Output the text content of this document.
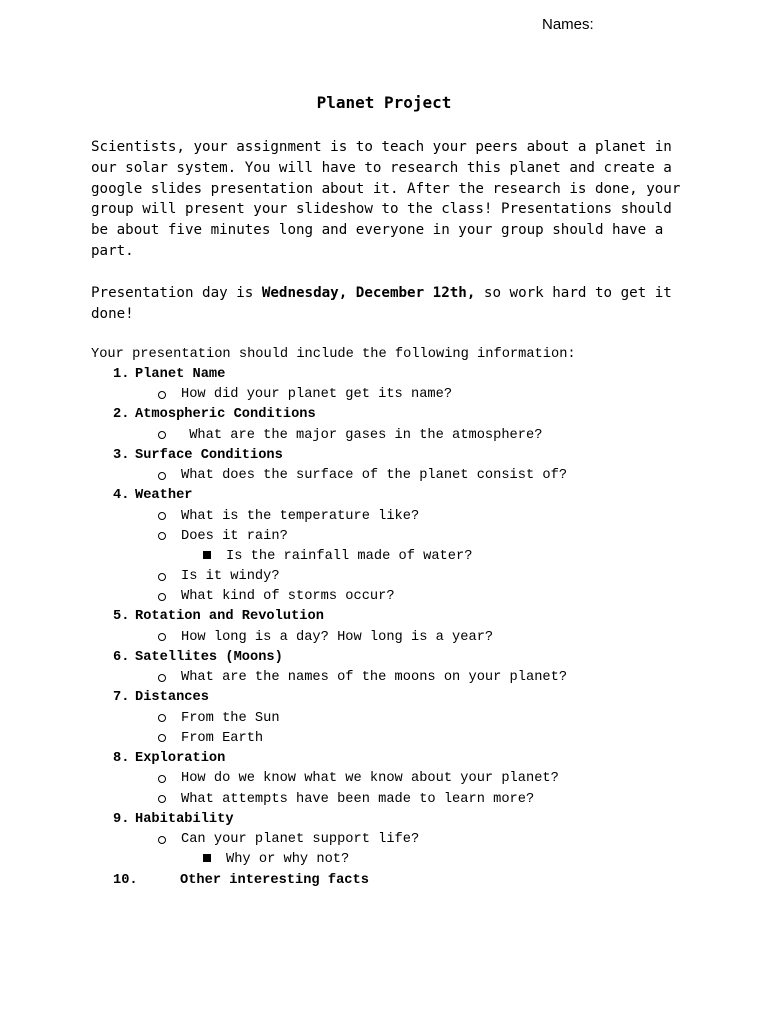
Names:
Planet Project
Scientists, your assignment is to teach your peers about a planet in
our solar system. You will have to research this planet and create a
google slides presentation about it. After the research is done, your
group will present your slideshow to the class! Presentations should
be about five minutes long and everyone in your group should have a
part.
Presentation day is Wednesday, December 12th, so work hard to get it
done!
Your presentation should include the following information:
1. Planet Name
How did your planet get its name?
2. Atmospheric Conditions
What are the major gases in the atmosphere?
3. Surface Conditions
What does the surface of the planet consist of?
4. Weather
What is the temperature like?
Does it rain?
Is the rainfall made of water?
Is it windy?
What kind of storms occur?
5. Rotation and Revolution
How long is a day? How long is a year?
6. Satellites (Moons)
What are the names of the moons on your planet?
7. Distances
From the Sun
From Earth
8. Exploration
How do we know what we know about your planet?
What attempts have been made to learn more?
9. Habitability
Can your planet support life?
Why or why not?
10.	Other interesting facts
